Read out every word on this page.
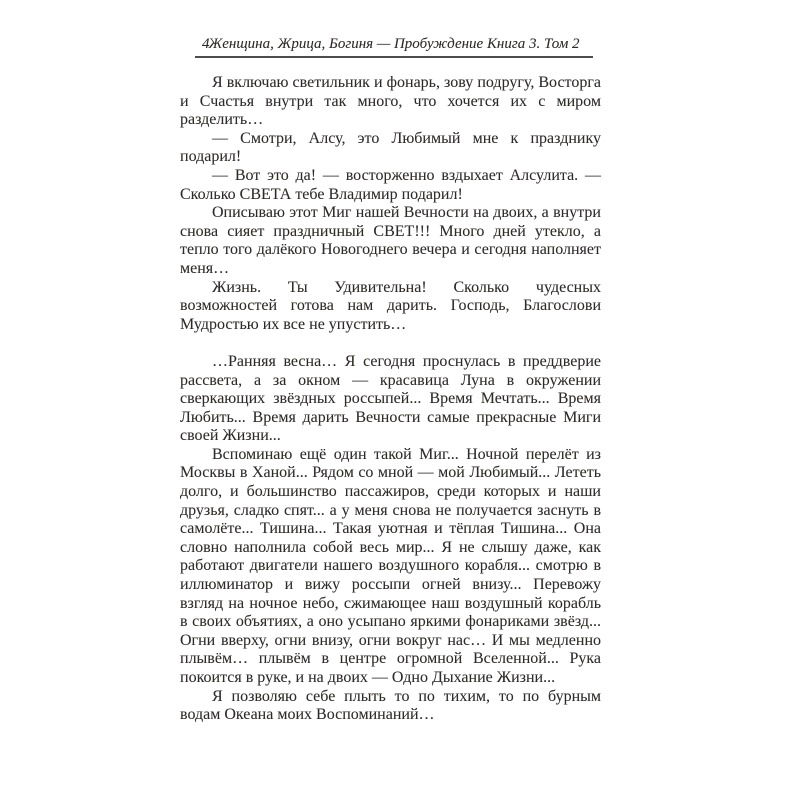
4
Женщина, Жрица, Богиня — Пробуждение Книга 3. Том 2

Я включаю светильник и фонарь, зову подругу, Восторга и Счастья внутри так много, что хочется их с миром разделить…

— Смотри, Алсу, это Любимый мне к празднику подарил!

— Вот это да! — восторженно вздыхает Алсулита. — Сколько СВЕТА тебе Владимир подарил!

Описываю этот Миг нашей Вечности на двоих, а внутри снова сияет праздничный СВЕТ!!! Много дней утекло, а тепло того далёкого Новогоднего вечера и сегодня наполняет меня…

Жизнь. Ты Удивительна! Сколько чудесных возможностей готова нам дарить. Господь, Благослови Мудростью их все не упустить…

…Ранняя весна… Я сегодня проснулась в преддверие рассвета, а за окном — красавица Луна в окружении сверкающих звёздных россыпей... Время Мечтать... Время Любить... Время дарить Вечности самые прекрасные Миги своей Жизни...

Вспоминаю ещё один такой Миг... Ночной перелёт из Москвы в Ханой... Рядом со мной — мой Любимый... Лететь долго, и большинство пассажиров, среди которых и наши друзья, сладко спят... а у меня снова не получается заснуть в самолёте... Тишина... Такая уютная и тёплая Тишина... Она словно наполнила собой весь мир... Я не слышу даже, как работают двигатели нашего воздушного корабля... смотрю в иллюминатор и вижу россыпи огней внизу... Перевожу взгляд на ночное небо, сжимающее наш воздушный корабль в своих объятиях, а оно усыпано яркими фонариками звёзд... Огни вверху, огни внизу, огни вокруг нас… И мы медленно плывём… плывём в центре огромной Вселенной... Рука покоится в руке, и на двоих — Одно Дыхание Жизни...

Я позволяю себе плыть то по тихим, то по бурным водам Океана моих Воспоминаний…
